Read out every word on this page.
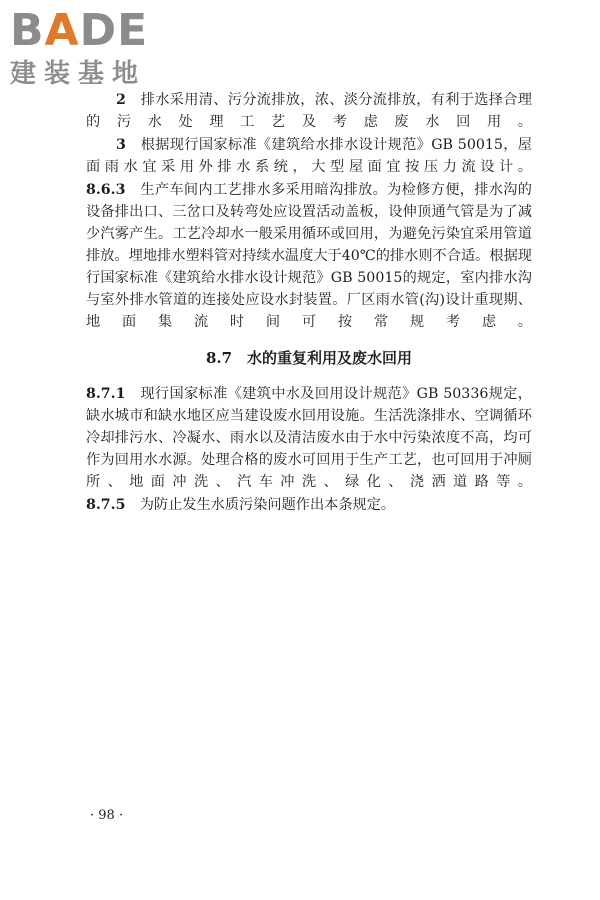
BADE
建装基地

2　 排水采用清、污分流排放，浓、淡分流排放，有利于选择合理的污水处理工艺及考虑废水回用。

3　 根据现行国家标准《建筑给水排水设计规范》GB 50015，屋面雨水宜采用外排水系统，大型屋面宜按压力流设计。

8.6.3　 生产车间内工艺排水多采用暗沟排放。为检修方便，排水沟的设备排出口、三岔口及转弯处应设置活动盖板，设伸顶通气管是为了减少汽雾产生。工艺冷却水一般采用循环或回用，为避免污染宜采用管道排放。埋地排水塑料管对持续水温度大于40℃的排水则不合适。根据现行国家标准《建筑给水排水设计规范》GB 50015的规定，室内排水沟与室外排水管道的连接处应设水封装置。厂区雨水管(沟)设计重现期、地面集流时间可按常规考虑。

8.7　水的重复利用及废水回用

8.7.1　 现行国家标准《建筑中水及回用设计规范》GB 50336规定，缺水城市和缺水地区应当建设废水回用设施。生活洗涤排水、空调循环冷却排污水、冷凝水、雨水以及清洁废水由于水中污染浓度不高，均可作为回用水水源。处理合格的废水可回用于生产工艺，也可回用于冲厕所、地面冲洗、汽车冲洗、绿化、浇洒道路等。

8.7.5　 为防止发生水质污染问题作出本条规定。

· 98 ·
